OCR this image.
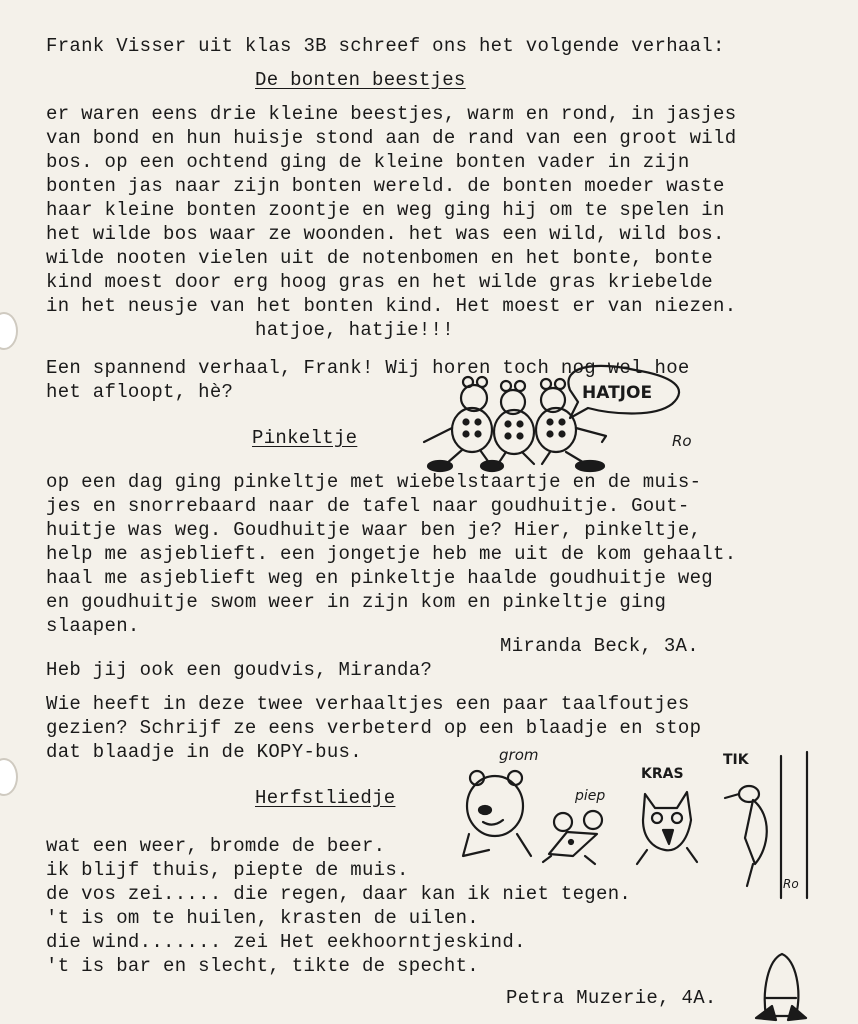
Frank Visser uit klas 3B schreef ons het volgende verhaal:
De bonten beestjes
er waren eens drie kleine beestjes, warm en rond, in jasjes
van bond en hun huisje stond aan de rand van een groot wild
bos. op een ochtend ging de kleine bonten vader in zijn
bonten jas naar zijn bonten wereld. de bonten moeder waste
haar kleine bonten zoontje en weg ging hij om te spelen in
het wilde bos waar ze woonden. het was een wild, wild bos.
wilde nooten vielen uit de notenbomen en het bonte, bonte
kind moest door erg hoog gras en het wilde gras kriebelde
in het neusje van het bonten kind. Het moest er van niezen.
hatjoe, hatjie!!!
Een spannend verhaal, Frank! Wij horen toch nog wel hoe
het afloopt, hè?	HATJOE
Ro
Pinkeltje
op een dag ging pinkeltje met wiebelstaartje en de muis-
jes en snorrebaard naar de tafel naar goudhuitje. Gout-
huitje was weg. Goudhuitje waar ben je? Hier, pinkeltje,
help me asjeblieft. een jongetje heb me uit de kom gehaalt.
haal me asjeblieft weg en pinkeltje haalde goudhuitje weg
en goudhuitje swom weer in zijn kom en pinkeltje ging
slaapen.
Miranda Beck, 3A.
Heb jij ook een goudvis, Miranda?
Wie heeft in deze twee verhaaltjes een paar taalfoutjes
gezien? Schrijf ze eens verbeterd op een blaadje en stop
dat blaadje in de KOPY-bus.	grom
piep
KRAS
TIK
Ro
Herfstliedje
wat een weer, bromde de beer.
ik blijf thuis, piepte de muis.
de vos zei..... die regen, daar kan ik niet tegen.
't is om te huilen, krasten de uilen.
die wind....... zei Het eekhoorntjeskind.
't is bar en slecht, tikte de specht.
Petra Muzerie, 4A.
